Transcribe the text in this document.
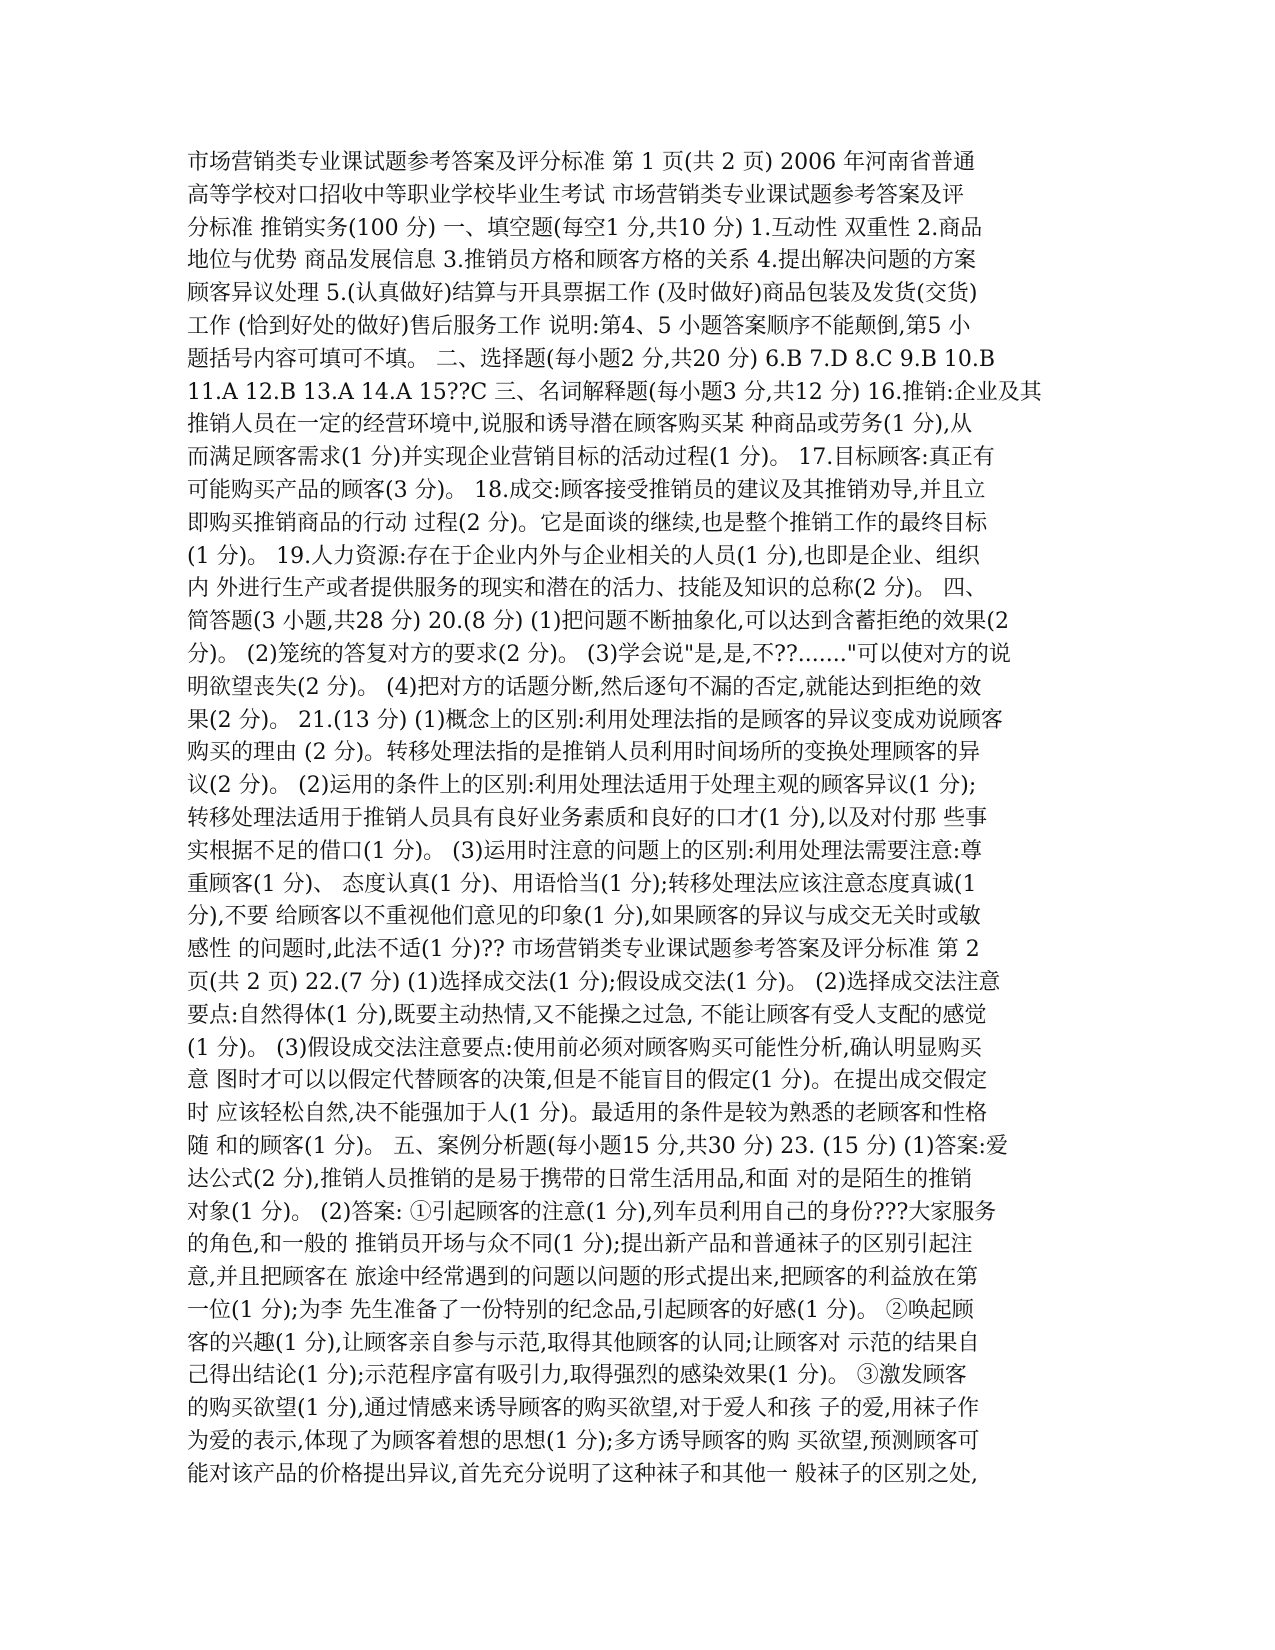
市场营销类专业课试题参考答案及评分标准 第 1 页(共 2 页) 2006 年河南省普通
高等学校对口招收中等职业学校毕业生考试 市场营销类专业课试题参考答案及评
分标准 推销实务(100 分) 一、填空题(每空1 分,共10 分) 1.互动性 双重性 2.商品
地位与优势 商品发展信息 3.推销员方格和顾客方格的关系 4.提出解决问题的方案
顾客异议处理 5.(认真做好)结算与开具票据工作 (及时做好)商品包装及发货(交货)
工作 (恰到好处的做好)售后服务工作 说明:第4、5 小题答案顺序不能颠倒,第5 小
题括号内容可填可不填。 二、选择题(每小题2 分,共20 分) 6.B 7.D 8.C 9.B 10.B
11.A 12.B 13.A 14.A 15??C 三、名词解释题(每小题3 分,共12 分) 16.推销:企业及其
推销人员在一定的经营环境中,说服和诱导潜在顾客购买某 种商品或劳务(1 分),从
而满足顾客需求(1 分)并实现企业营销目标的活动过程(1 分)。 17.目标顾客:真正有
可能购买产品的顾客(3 分)。 18.成交:顾客接受推销员的建议及其推销劝导,并且立
即购买推销商品的行动 过程(2 分)。它是面谈的继续,也是整个推销工作的最终目标
(1 分)。 19.人力资源:存在于企业内外与企业相关的人员(1 分),也即是企业、组织
内 外进行生产或者提供服务的现实和潜在的活力、技能及知识的总称(2 分)。 四、
简答题(3 小题,共28 分) 20.(8 分) (1)把问题不断抽象化,可以达到含蓄拒绝的效果(2
分)。 (2)笼统的答复对方的要求(2 分)。 (3)学会说"是,是,不??......."可以使对方的说
明欲望丧失(2 分)。 (4)把对方的话题分断,然后逐句不漏的否定,就能达到拒绝的效
果(2 分)。 21.(13 分) (1)概念上的区别:利用处理法指的是顾客的异议变成劝说顾客
购买的理由 (2 分)。转移处理法指的是推销人员利用时间场所的变换处理顾客的异
议(2 分)。 (2)运用的条件上的区别:利用处理法适用于处理主观的顾客异议(1 分);
转移处理法适用于推销人员具有良好业务素质和良好的口才(1 分),以及对付那 些事
实根据不足的借口(1 分)。 (3)运用时注意的问题上的区别:利用处理法需要注意:尊
重顾客(1 分)、 态度认真(1 分)、用语恰当(1 分);转移处理法应该注意态度真诚(1
分),不要 给顾客以不重视他们意见的印象(1 分),如果顾客的异议与成交无关时或敏
感性 的问题时,此法不适(1 分)?? 市场营销类专业课试题参考答案及评分标准 第 2
页(共 2 页) 22.(7 分) (1)选择成交法(1 分);假设成交法(1 分)。 (2)选择成交法注意
要点:自然得体(1 分),既要主动热情,又不能操之过急, 不能让顾客有受人支配的感觉
(1 分)。 (3)假设成交法注意要点:使用前必须对顾客购买可能性分析,确认明显购买
意 图时才可以以假定代替顾客的决策,但是不能盲目的假定(1 分)。在提出成交假定
时 应该轻松自然,决不能强加于人(1 分)。最适用的条件是较为熟悉的老顾客和性格
随 和的顾客(1 分)。 五、案例分析题(每小题15 分,共30 分) 23. (15 分) (1)答案:爱
达公式(2 分),推销人员推销的是易于携带的日常生活用品,和面 对的是陌生的推销
对象(1 分)。 (2)答案: ①引起顾客的注意(1 分),列车员利用自己的身份???大家服务
的角色,和一般的 推销员开场与众不同(1 分);提出新产品和普通袜子的区别引起注
意,并且把顾客在 旅途中经常遇到的问题以问题的形式提出来,把顾客的利益放在第
一位(1 分);为李 先生准备了一份特别的纪念品,引起顾客的好感(1 分)。 ②唤起顾
客的兴趣(1 分),让顾客亲自参与示范,取得其他顾客的认同;让顾客对 示范的结果自
己得出结论(1 分);示范程序富有吸引力,取得强烈的感染效果(1 分)。 ③激发顾客
的购买欲望(1 分),通过情感来诱导顾客的购买欲望,对于爱人和孩 子的爱,用袜子作
为爱的表示,体现了为顾客着想的思想(1 分);多方诱导顾客的购 买欲望,预测顾客可
能对该产品的价格提出异议,首先充分说明了这种袜子和其他一 般袜子的区别之处,
